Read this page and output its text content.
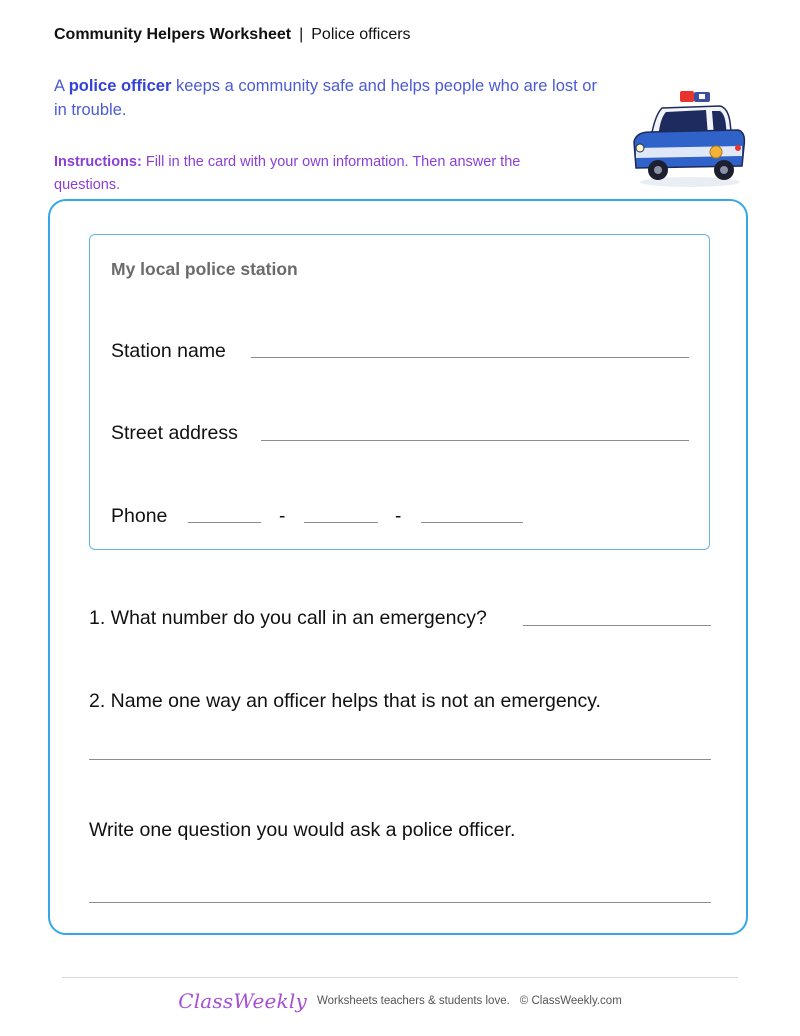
Community Helpers Worksheet | Police officers
A police officer keeps a community safe and helps people who are lost or in trouble.
Instructions: Fill in the card with your own information. Then answer the questions.
My local police station
Station name
Street address
Phone	-	-
1. What number do you call in an emergency?
2. Name one way an officer helps that is not an emergency.
Write one question you would ask a police officer.
ClassWeekly Worksheets teachers & students love. © ClassWeekly.com
